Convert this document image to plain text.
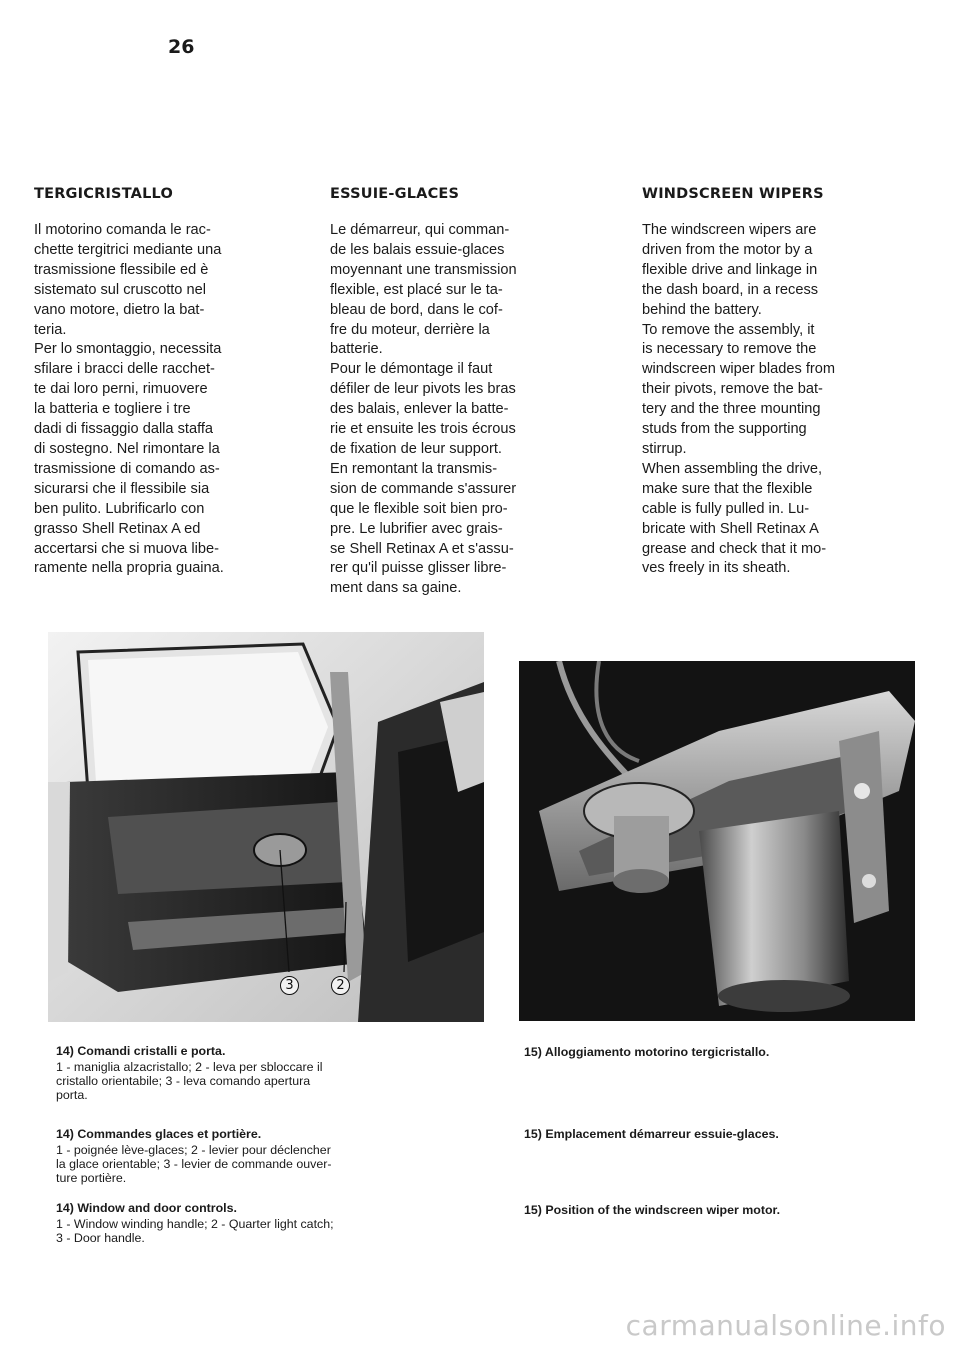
26
TERGICRISTALLO

Il motorino comanda le rac-
chette tergitrici mediante una
trasmissione flessibile ed è
sistemato sul cruscotto nel
vano motore, dietro la bat-
teria.
Per lo smontaggio, necessita
sfilare i bracci delle racchet-
te dai loro perni, rimuovere
la batteria e togliere i tre
dadi di fissaggio dalla staffa
di sostegno. Nel rimontare la
trasmissione di comando as-
sicurarsi che il flessibile sia
ben pulito. Lubrificarlo con
grasso Shell Retinax A ed
accertarsi che si muova libe-
ramente nella propria guaina.

ESSUIE-GLACES

Le démarreur, qui comman-
de les balais essuie-glaces
moyennant une transmission
flexible, est placé sur le ta-
bleau de bord, dans le cof-
fre du moteur, derrière la
batterie.
Pour le démontage il faut
défiler de leur pivots les bras
des balais, enlever la batte-
rie et ensuite les trois écrous
de fixation de leur support.
En remontant la transmis-
sion de commande s'assurer
que le flexible soit bien pro-
pre. Le lubrifier avec grais-
se Shell Retinax A et s'assu-
rer qu'il puisse glisser libre-
ment dans sa gaine.

WINDSCREEN WIPERS

The windscreen wipers are
driven from the motor by a
flexible drive and linkage in
the dash board, in a recess
behind the battery.
To remove the assembly, it
is necessary to remove the
windscreen wiper blades from
their pivots, remove the bat-
tery and the three mounting
studs from the supporting
stirrup.
When assembling the drive,
make sure that the flexible
cable is fully pulled in. Lu-
bricate with Shell Retinax A
grease and check that it mo-
ves freely in its sheath.

3	2
14) Comandi cristalli e porta.
1 - maniglia alzacristallo; 2 - leva per sbloccare il
cristallo orientabile; 3 - leva comando apertura
porta.
14) Commandes glaces et portière.
1 - poignée lève-glaces; 2 - levier pour déclencher
la glace orientable; 3 - levier de commande ouver-
ture portière.
14) Window and door controls.
1 - Window winding handle; 2 - Quarter light catch;
3 - Door handle.
15) Alloggiamento motorino tergicristallo.
15) Emplacement démarreur essuie-glaces.
15) Position of the windscreen wiper motor.
carmanualsonline.info
